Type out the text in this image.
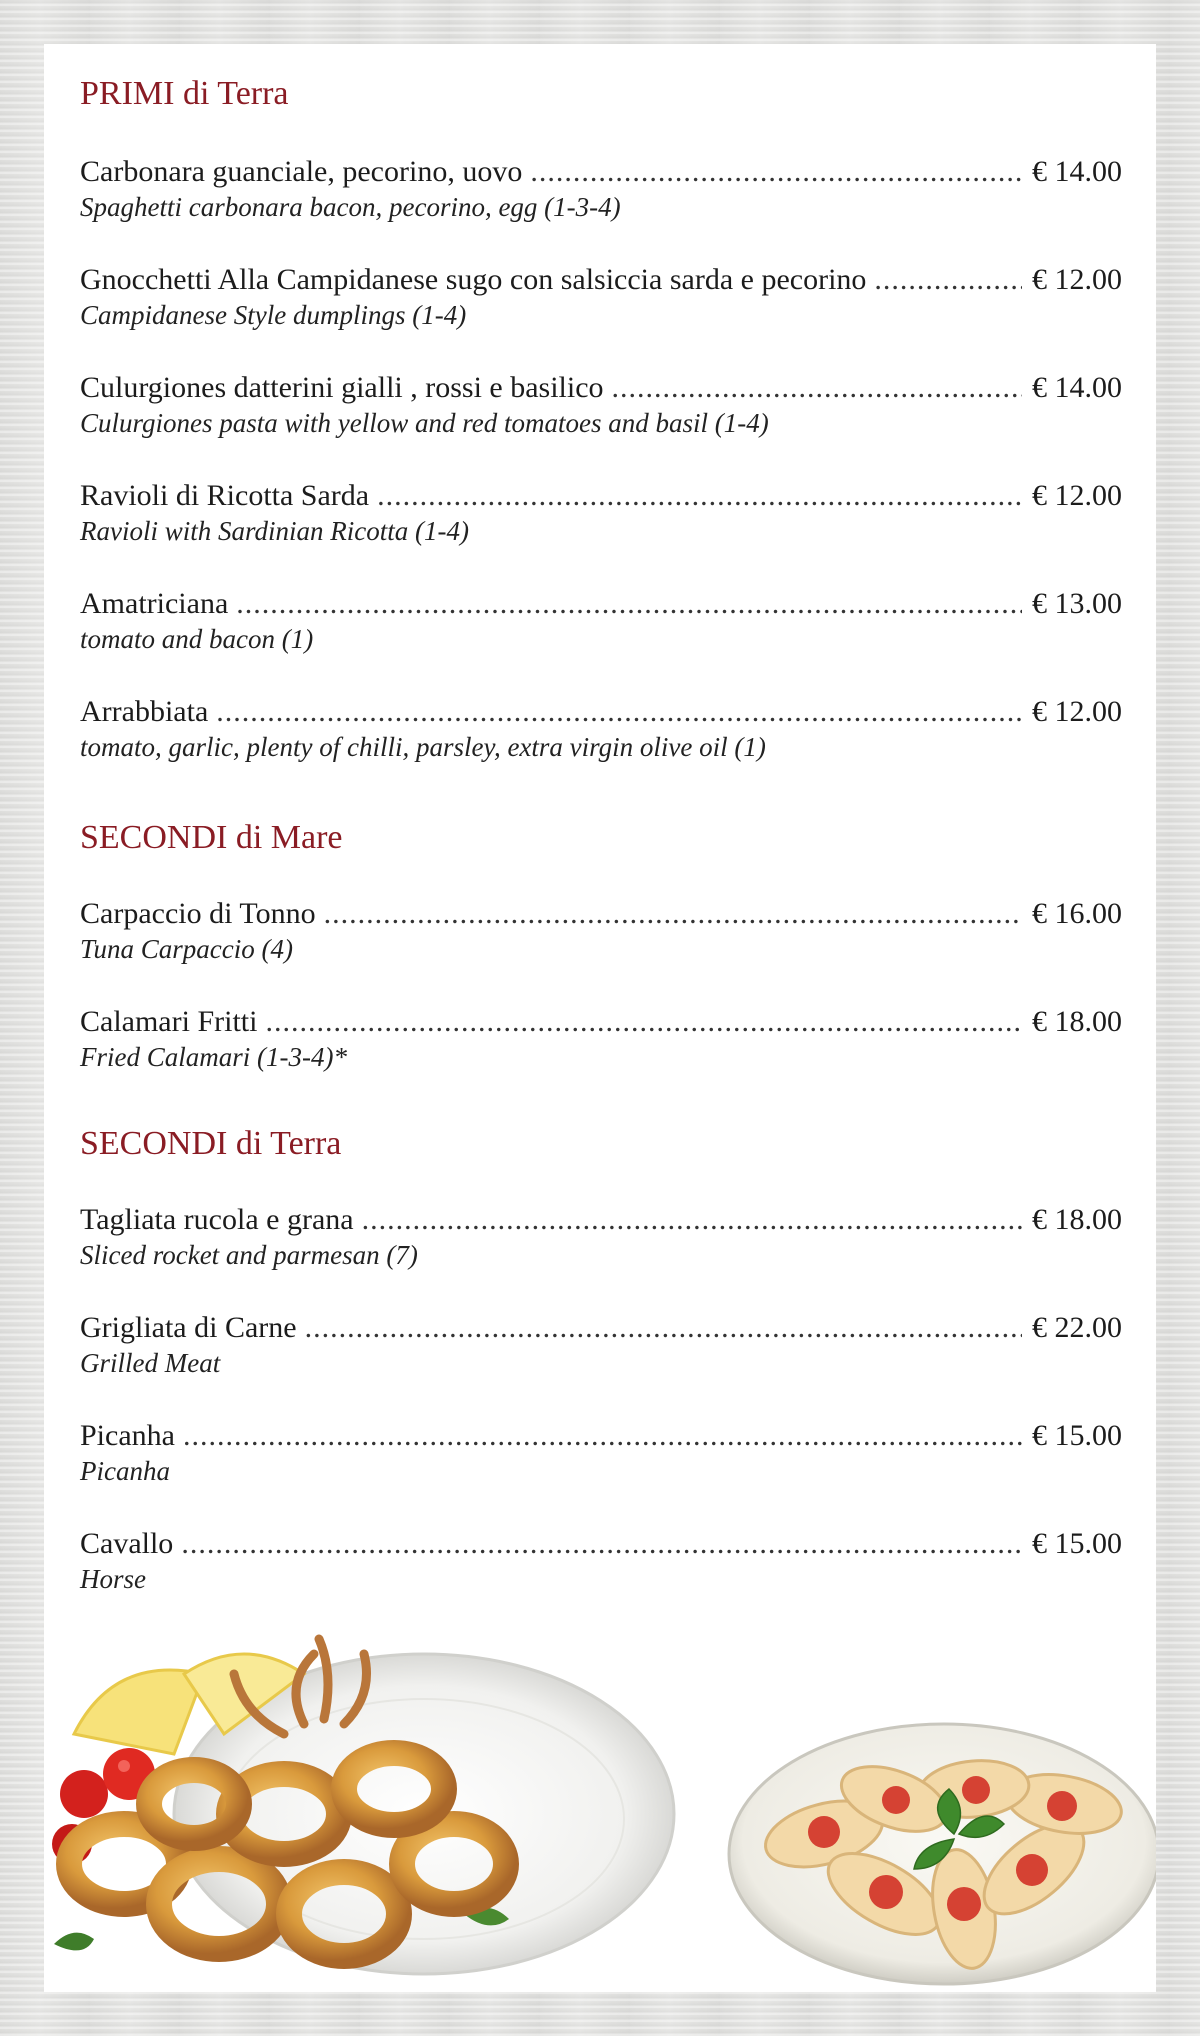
PRIMI di Terra
Carbonara guanciale, pecorino, uovo .....	€ 14.00
Spaghetti carbonara bacon, pecorino, egg (1-3-4)
Gnocchetti Alla Campidanese sugo con salsiccia sarda e pecorino .....	€ 12.00
Campidanese Style dumplings (1-4)
Culurgiones datterini gialli , rossi e basilico .....	€ 14.00
Culurgiones pasta with yellow and red tomatoes and basil (1-4)
Ravioli di Ricotta Sarda .....	€ 12.00
Ravioli with Sardinian Ricotta (1-4)
Amatriciana .....	€ 13.00
tomato and bacon (1)
Arrabbiata .....	€ 12.00
tomato, garlic, plenty of chilli, parsley, extra virgin olive oil (1)
SECONDI di Mare
Carpaccio di Tonno .....	€ 16.00
Tuna Carpaccio (4)
Calamari Fritti .....	€ 18.00
Fried Calamari (1-3-4)*
SECONDI di Terra
Tagliata rucola e grana .....	€ 18.00
Sliced rocket and parmesan (7)
Grigliata di Carne .....	€ 22.00
Grilled Meat
Picanha .....	€ 15.00
Picanha
Cavallo .....	€ 15.00
Horse
